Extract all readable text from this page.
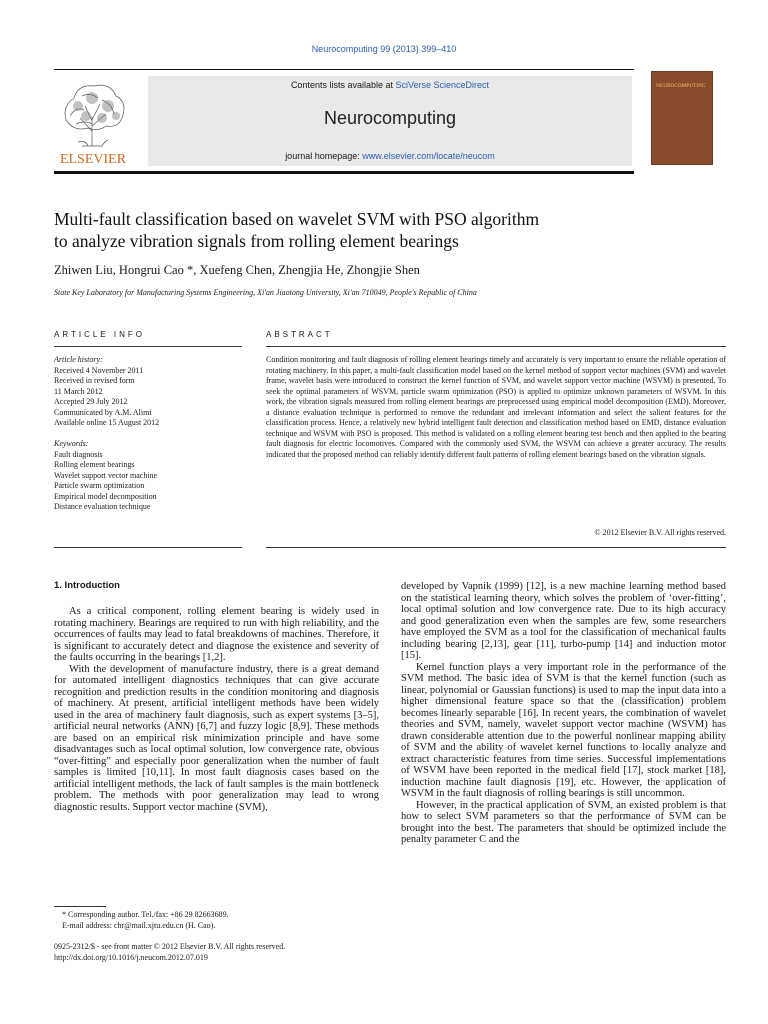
Neurocomputing 99 (2013) 399–410
ELSEVIER
Contents lists available at SciVerse ScienceDirect
Neurocomputing
journal homepage: www.elsevier.com/locate/neucom
NEUROCOMPUTING
Multi-fault classification based on wavelet SVM with PSO algorithm
to analyze vibration signals from rolling element bearings
Zhiwen Liu, Hongrui Cao *, Xuefeng Chen, Zhengjia He, Zhongjie Shen
State Key Laboratory for Manufacturing Systems Engineering, Xi'an Jiaotong University, Xi'an 710049, People's Republic of China
ARTICLE INFO	ABSTRACT
Article history:
Received 4 November 2011
Received in revised form
11 March 2012
Accepted 29 July 2012
Communicated by A.M. Alimi
Available online 15 August 2012
Keywords:
Fault diagnosis
Rolling element bearings
Wavelet support vector machine
Particle swarm optimization
Empirical model decomposition
Distance evaluation technique
Condition monitoring and fault diagnosis of rolling element bearings timely and accurately is very important to ensure the reliable operation of rotating machinery. In this paper, a multi-fault classification model based on the kernel method of support vector machines (SVM) and wavelet frame, wavelet basis were introduced to construct the kernel function of SVM, and wavelet support vector machine (WSVM) is presented. To seek the optimal parameters of WSVM, particle swarm optimization (PSO) is applied to optimize unknown parameters of WSVM. In this work, the vibration signals measured from rolling element bearings are preprocessed using empirical model decomposition (EMD). Moreover, a distance evaluation technique is performed to remove the redundant and irrelevant information and select the salient features for the classification process. Hence, a relatively new hybrid intelligent fault detection and classification method based on EMD, distance evaluation technique and WSVM with PSO is proposed. This method is validated on a rolling element bearing test bench and then applied to the bearing fault diagnosis for electric locomotives. Compared with the commonly used SVM, the WSVM can achieve a greater accuracy. The results indicated that the proposed method can reliably identify different fault patterns of rolling element bearings based on the vibration signals.
© 2012 Elsevier B.V. All rights reserved.
1. Introduction

As a critical component, rolling element bearing is widely used in rotating machinery. Bearings are required to run with high reliability, and the occurrences of faults may lead to fatal breakdowns of machines. Therefore, it is significant to accurately detect and diagnose the existence and severity of the faults occurring in the bearings [1,2].

With the development of manufacture industry, there is a great demand for automated intelligent diagnostics techniques that can give accurate recognition and prediction results in the condition monitoring and diagnosis of machinery. At present, artificial intelligent methods have been widely used in the area of machinery fault diagnosis, such as expert systems [3–5], artificial neural networks (ANN) [6,7] and fuzzy logic [8,9]. These methods are based on an empirical risk minimization principle and have some disadvantages such as local optimal solution, low convergence rate, obvious “over-fitting” and especially poor generalization when the number of fault samples is limited [10,11]. In most fault diagnosis cases based on the artificial intelligent methods, the lack of fault samples is the main bottleneck problem. The methods with poor generalization may lead to wrong diagnostic results. Support vector machine (SVM),

developed by Vapnik (1999) [12], is a new machine learning method based on the statistical learning theory, which solves the problem of ‘over-fitting’, local optimal solution and low convergence rate. Due to its high accuracy and good generalization even when the samples are few, some researchers have employed the SVM as a tool for the classification of mechanical faults including bearing [2,13], gear [11], turbo-pump [14] and induction motor [15].

Kernel function plays a very important role in the performance of the SVM method. The basic idea of SVM is that the kernel function (such as linear, polynomial or Gaussian functions) is used to map the input data into a higher dimensional feature space so that the (classification) problem becomes linearly separable [16]. In recent years, the combination of wavelet theories and SVM, namely, wavelet support vector machine (WSVM) has drawn considerable attention due to the powerful nonlinear mapping ability of SVM and the ability of wavelet kernel functions to locally analyze and extract characteristic features from time series. Successful implementations of WSVM have been reported in the medical field [17], stock market [18], induction machine fault diagnosis [19], etc. However, the application of WSVM in the fault diagnosis of rolling bearings is still uncommon.

However, in the practical application of SVM, an existed problem is that how to select SVM parameters so that the performance of SVM can be brought into the best. The parameters that should be optimized include the penalty parameter C and the

* Corresponding author. Tel./fax: +86 29 82663689.
E-mail address: chr@mail.xjtu.edu.cn (H. Cao).
0925-2312/$ - see front matter © 2012 Elsevier B.V. All rights reserved.
http://dx.doi.org/10.1016/j.neucom.2012.07.019
